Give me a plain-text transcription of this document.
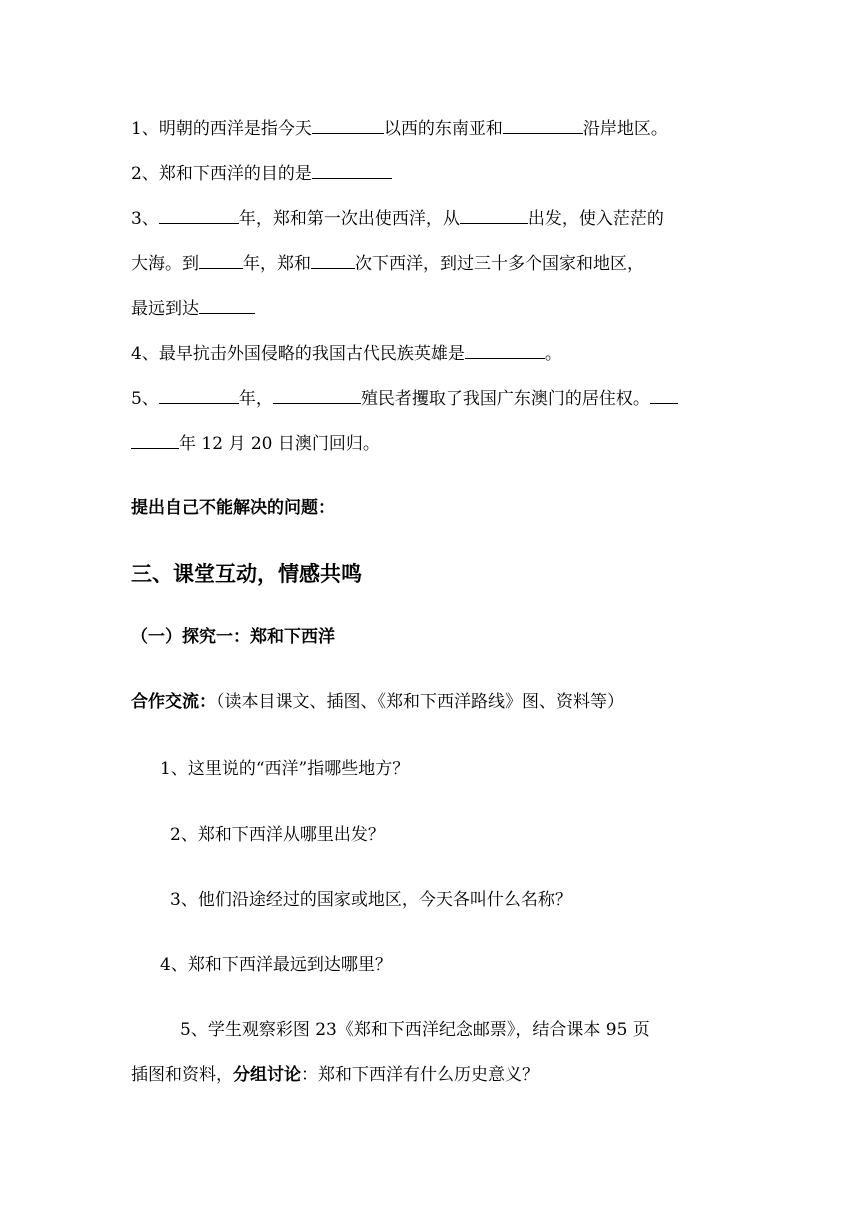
1、明朝的西洋是指今天	以西的东南亚和	沿岸地区。
2、郑和下西洋的目的是
3、	年，郑和第一次出使西洋，从	出发，使入茫茫的
大海。到	年，郑和	次下西洋，到过三十多个国家和地区，
最远到达
4、最早抗击外国侵略的我国古代民族英雄是	。
5、	年，	殖民者攫取了我国广东澳门的居住权。
年 12 月 20 日澳门回归。
提出自己不能解决的问题：
三、课堂互动，情感共鸣
（一）探究一：郑和下西洋
合作交流：（读本目课文、插图、《郑和下西洋路线》图、资料等）
1、这里说的“西洋”指哪些地方？
2、郑和下西洋从哪里出发？
3、他们沿途经过的国家或地区，今天各叫什么名称？
4、郑和下西洋最远到达哪里？
5、学生观察彩图 23《郑和下西洋纪念邮票》，结合课本 95 页
插图和资料，分组讨论：郑和下西洋有什么历史意义？
